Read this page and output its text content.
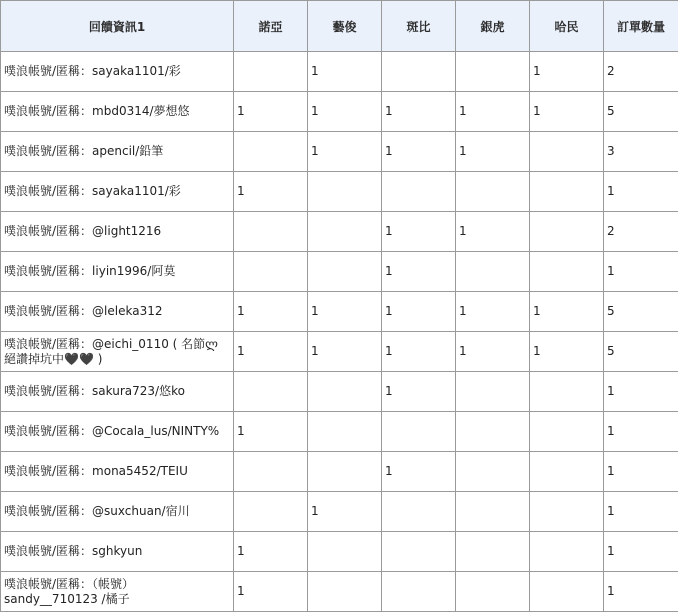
回饋資訊1	諾亞	藝俊	斑比	銀虎	哈民	訂單數量
噗浪帳號/匿稱：sayaka1101/彩		1			1	2
噗浪帳號/匿稱：mbd0314/夢想悠	1	1	1	1	1	5
噗浪帳號/匿稱：apencil/鉛筆		1	1	1		3
噗浪帳號/匿稱：sayaka1101/彩	1					1
噗浪帳號/匿稱：@light1216			1	1		2
噗浪帳號/匿稱：liyin1996/阿莫			1			1
噗浪帳號/匿稱：@leleka312	1	1	1	1	1	5
噗浪帳號/匿稱：@eichi_0110 ( 名節ლ 絕讚掉坑中🖤🖤 )	1	1	1	1	1	5
噗浪帳號/匿稱：sakura723/悠ko			1			1
噗浪帳號/匿稱：@Cocala_lus/NINTY%	1					1
噗浪帳號/匿稱：mona5452/TEIU			1			1
噗浪帳號/匿稱：@suxchuan/宿川		1				1
噗浪帳號/匿稱：sghkyun	1					1
噗浪帳號/匿稱：（帳號） sandy__710123 /橘子	1					1
